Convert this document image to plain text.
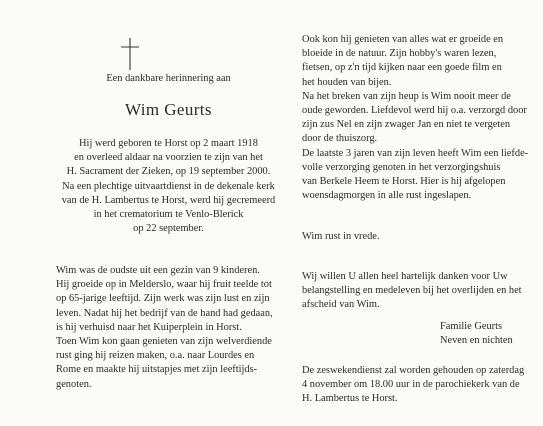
Een dankbare herinnering aan
Wim Geurts
Hij werd geboren te Horst op 2 maart 1918
en overleed aldaar na voorzien te zijn van het
H. Sacrament der Zieken, op 19 september 2000.
Na een plechtige uitvaartdienst in de dekenale kerk
van de H. Lambertus te Horst, werd hij gecremeerd
in het crematorium te Venlo-Blerick
op 22 september.
Wim was de oudste uit een gezin van 9 kinderen.
Hij groeide op in Melderslo, waar hij fruit teelde tot
op 65-jarige leeftijd. Zijn werk was zijn lust en zijn
leven. Nadat hij het bedrijf van de hand had gedaan,
is hij verhuisd naar het Kuiperplein in Horst.
Toen Wim kon gaan genieten van zijn welverdiende
rust ging hij reizen maken, o.a. naar Lourdes en
Rome en maakte hij uitstapjes met zijn leeftijds-
genoten.
Ook kon hij genieten van alles wat er groeide en
bloeide in de natuur. Zijn hobby's waren lezen,
fietsen, op z'n tijd kijken naar een goede film en
het houden van bijen.
Na het breken van zijn heup is Wim nooit meer de
oude geworden. Liefdevol werd hij o.a. verzorgd door
zijn zus Nel en zijn zwager Jan en niet te vergeten
door de thuiszorg.
De laatste 3 jaren van zijn leven heeft Wim een liefde-
volle verzorging genoten in het verzorgingshuis
van Berkele Heem te Horst. Hier is hij afgelopen
woensdagmorgen in alle rust ingeslapen.
Wim rust in vrede.
Wij willen U allen heel hartelijk danken voor Uw
belangstelling en medeleven bij het overlijden en het
afscheid van Wim.
Familie Geurts
Neven en nichten
De zeswekendienst zal worden gehouden op zaterdag
4 november om 18.00 uur in de parochiekerk van de
H. Lambertus te Horst.
